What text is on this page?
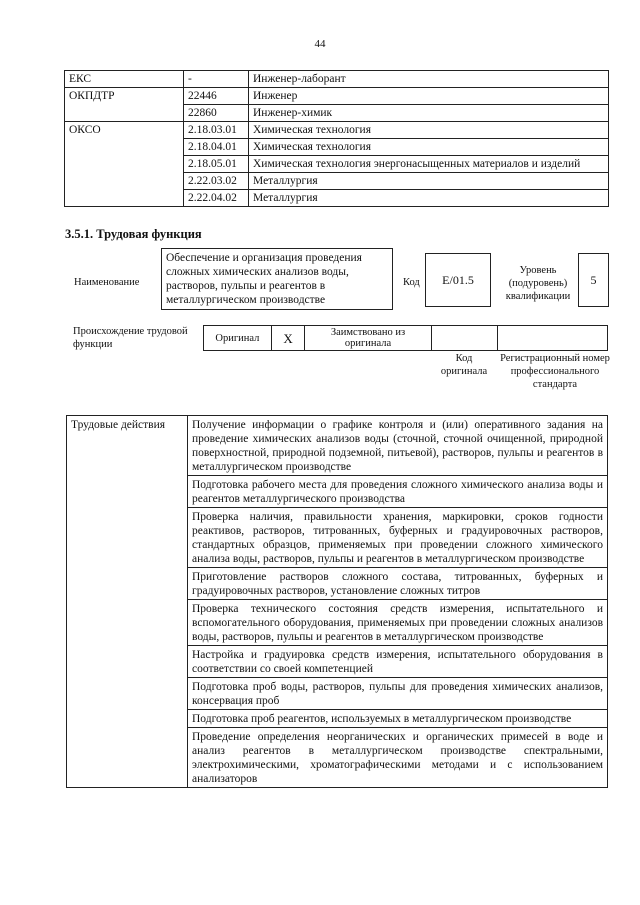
44
ЕКС	-	Инженер-лаборант
ОКПДТР	22446	Инженер
	22860	Инженер-химик
ОКСО	2.18.03.01	Химическая технология
	2.18.04.01	Химическая технология
	2.18.05.01	Химическая технология энергонасыщенных материалов и изделий
	2.22.03.02	Металлургия
	2.22.04.02	Металлургия
3.5.1. Трудовая функция
Наименование
Обеспечение и организация проведения сложных химических анализов воды, растворов, пульпы и реагентов в металлургическом производстве
Код	E/01.5
Уровень (подуровень) квалификации
5
Происхождение трудовой функции
Оригинал	X	Заимствовано из оригинала		
Код оригинала
Регистрационный номер профессионального стандарта
Трудовые действия	Получение информации о графике контроля и (или) оперативного задания на проведение химических анализов воды (сточной, сточной очищенной, природной поверхностной, природной подземной, питьевой), растворов, пульпы и реагентов в металлургическом производстве
Подготовка рабочего места для проведения сложного химического анализа воды и реагентов металлургического производства
Проверка наличия, правильности хранения, маркировки, сроков годности реактивов, растворов, титрованных, буферных и градуировочных растворов, стандартных образцов, применяемых при проведении сложного химического анализа воды, растворов, пульпы и реагентов в металлургическом производстве
Приготовление растворов сложного состава, титрованных, буферных и градуировочных растворов, установление сложных титров
Проверка технического состояния средств измерения, испытательного и вспомогательного оборудования, применяемых при проведении сложных анализов воды, растворов, пульпы и реагентов в металлургическом производстве
Настройка и градуировка средств измерения, испытательного оборудования в соответствии со своей компетенцией
Подготовка проб воды, растворов, пульпы для проведения химических анализов, консервация проб
Подготовка проб реагентов, используемых в металлургическом производстве
Проведение определения неорганических и органических примесей в воде и анализ реагентов в металлургическом производстве спектральными, электрохимическими, хроматографическими методами и с использованием анализаторов
